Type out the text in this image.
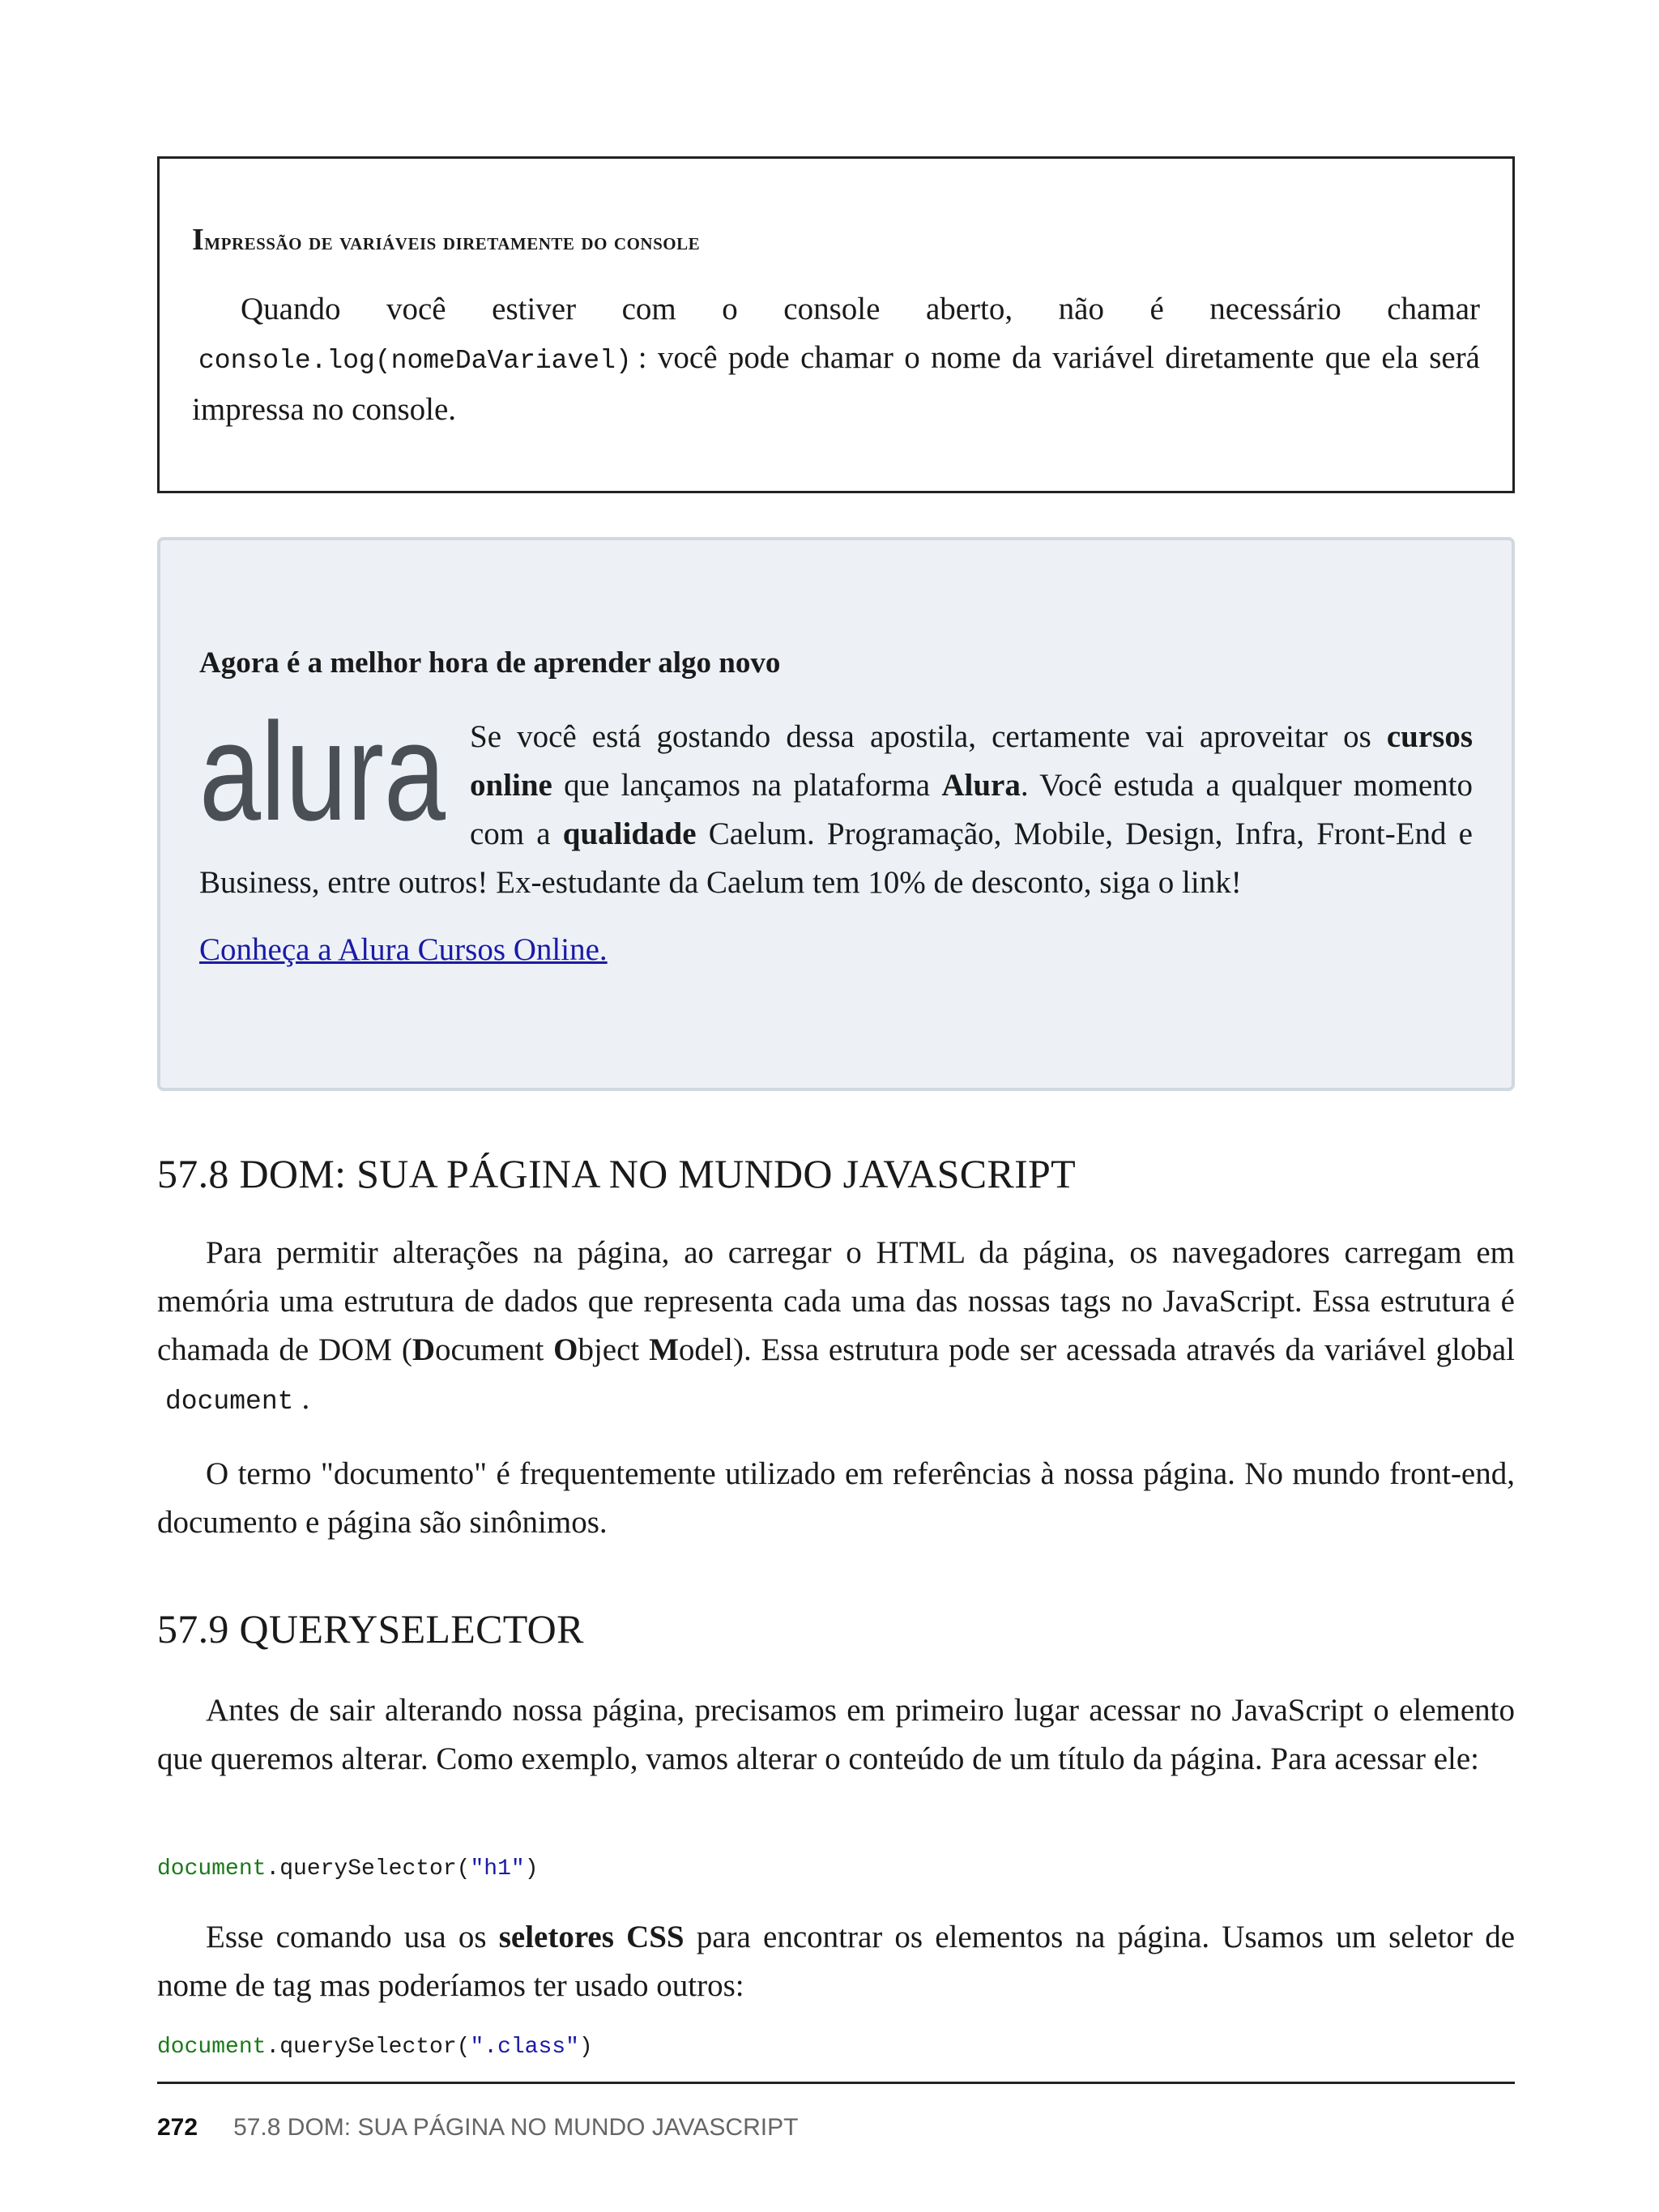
Impressão de variáveis diretamente do console

Quando você estiver com o console aberto, não é necessário chamar console.log(nomeDaVariavel) : você pode chamar o nome da variável diretamente que ela será impressa no console.

Agora é a melhor hora de aprender algo novo
alura Se você está gostando dessa apostila, certamente vai aproveitar os cursos online que lançamos na plataforma Alura. Você estuda a qualquer momento com a qualidade Caelum. Programação, Mobile, Design, Infra, Front-End e Business, entre outros! Ex-estudante da Caelum tem 10% de desconto, siga o link!

Conheça a Alura Cursos Online.
57.8 DOM: SUA PÁGINA NO MUNDO JAVASCRIPT

Para permitir alterações na página, ao carregar o HTML da página, os navegadores carregam em memória uma estrutura de dados que representa cada uma das nossas tags no JavaScript. Essa estrutura é chamada de DOM (Document Object Model). Essa estrutura pode ser acessada através da variável global document .

O termo "documento" é frequentemente utilizado em referências à nossa página. No mundo front-end, documento e página são sinônimos.

57.9 QUERYSELECTOR

Antes de sair alterando nossa página, precisamos em primeiro lugar acessar no JavaScript o elemento que queremos alterar. Como exemplo, vamos alterar o conteúdo de um título da página. Para acessar ele:

document.querySelector("h1")

Esse comando usa os seletores CSS para encontrar os elementos na página. Usamos um seletor de nome de tag mas poderíamos ter usado outros:

document.querySelector(".class")
272 57.8 DOM: SUA PÁGINA NO MUNDO JAVASCRIPT
